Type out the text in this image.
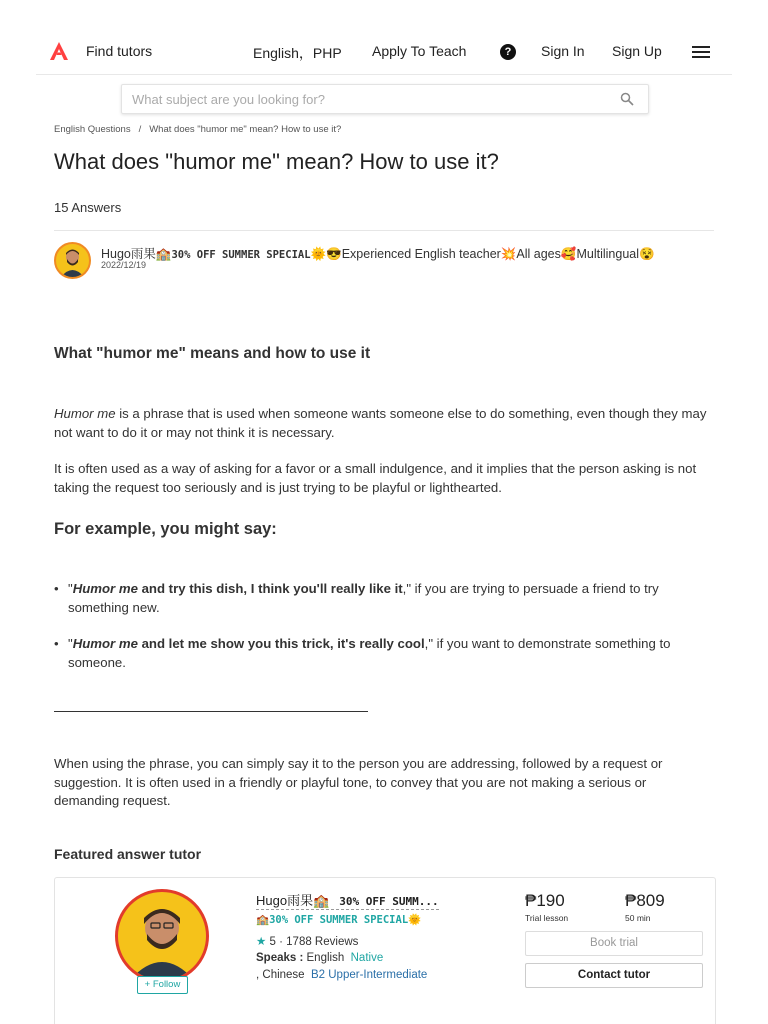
Find tutors	English，PHP Apply To Teach	?	Sign In Sign Up
What subject are you looking for?
English Questions / What does "humor me" mean? How to use it?
What does "humor me" mean? How to use it?
15 Answers
Hugo雨果🏫30% OFF SUMMER SPECIAL🌞😎Experienced English teacher💥All ages🥰Multilingual😵
2022/12/19
What "humor me" means and how to use it

Humor me is a phrase that is used when someone wants someone else to do something, even though they may not want to do it or may not think it is necessary.

It is often used as a way of asking for a favor or a small indulgence, and it implies that the person asking is not taking the request too seriously and is just trying to be playful or lighthearted.

For example, you might say:
• "Humor me and try this dish, I think you'll really like it," if you are trying to persuade a friend to try something new.
• "Humor me and let me show you this trick, it's really cool," if you want to demonstrate something to someone.

When using the phrase, you can simply say it to the person you are addressing, followed by a request or suggestion. It is often used in a friendly or playful tone, to convey that you are not making a serious or demanding request.

Featured answer tutor
+ Follow
Hugo雨果🏫 30% OFF SUMM...
🏫30% OFF SUMMER SPECIAL🌞
★ 5 · 1788 Reviews
Speaks : English Native
, Chinese B2 Upper-Intermediate
₱190
Trial lesson
₱809
50 min
Book trial
Contact tutor
